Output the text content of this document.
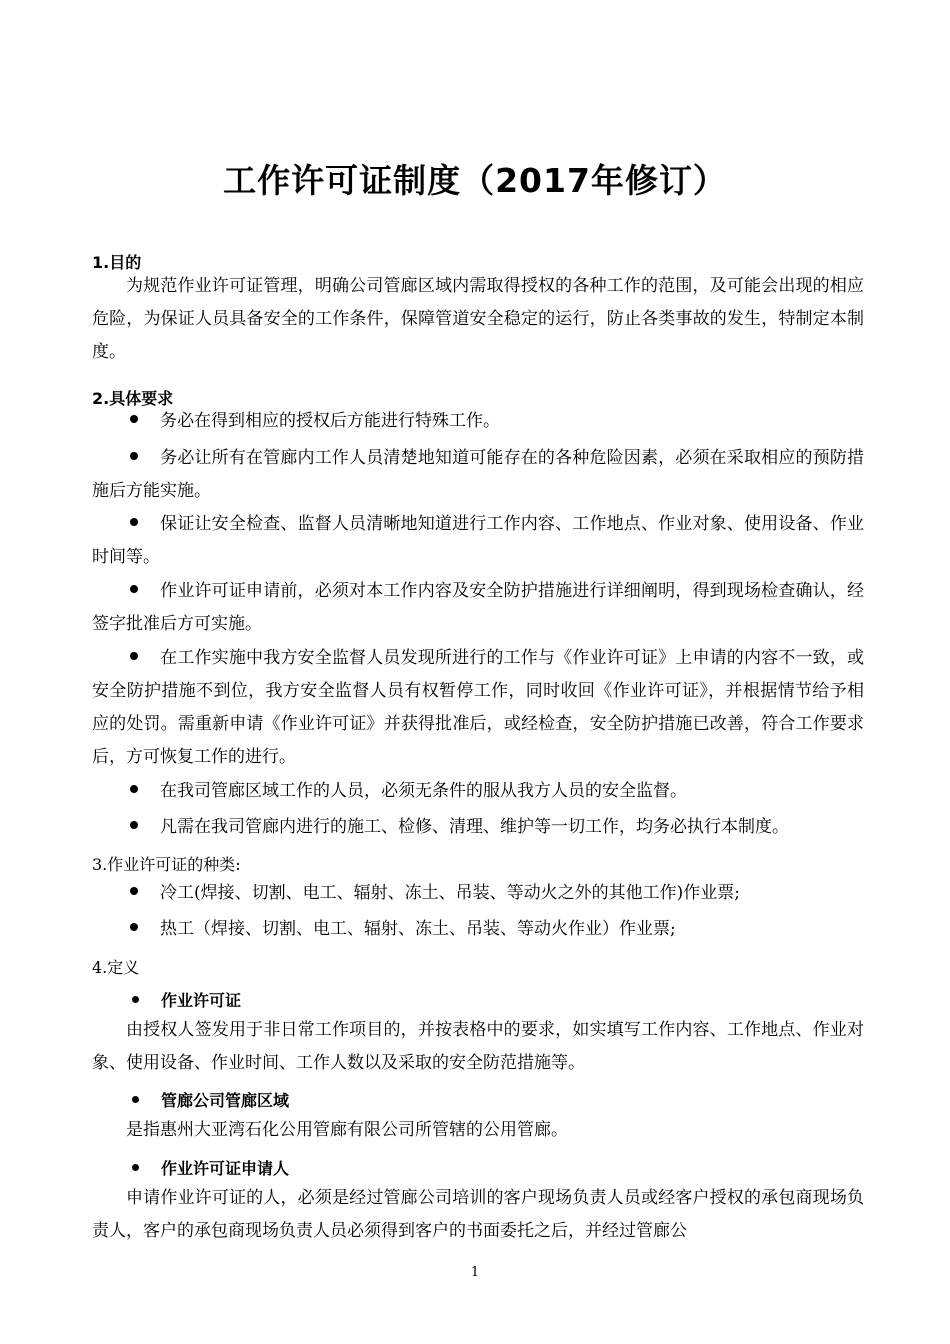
工作许可证制度（2017年修订）
1.目的
为规范作业许可证管理，明确公司管廊区域内需取得授权的各种工作的范围，及可能会出现的相应危险，为保证人员具备安全的工作条件，保障管道安全稳定的运行，防止各类事故的发生，特制定本制度。
2.具体要求
务必在得到相应的授权后方能进行特殊工作。
务必让所有在管廊内工作人员清楚地知道可能存在的各种危险因素，必须在采取相应的预防措施后方能实施。
保证让安全检查、监督人员清晰地知道进行工作内容、工作地点、作业对象、使用设备、作业时间等。
作业许可证申请前，必须对本工作内容及安全防护措施进行详细阐明，得到现场检查确认，经签字批准后方可实施。
在工作实施中我方安全监督人员发现所进行的工作与《作业许可证》上申请的内容不一致，或安全防护措施不到位，我方安全监督人员有权暂停工作，同时收回《作业许可证》，并根据情节给予相应的处罚。需重新申请《作业许可证》并获得批准后，或经检查，安全防护措施已改善，符合工作要求后，方可恢复工作的进行。
在我司管廊区域工作的人员，必须无条件的服从我方人员的安全监督。
凡需在我司管廊内进行的施工、检修、清理、维护等一切工作，均务必执行本制度。
3.作业许可证的种类:
冷工(焊接、切割、电工、辐射、冻土、吊装、等动火之外的其他工作)作业票;
热工（焊接、切割、电工、辐射、冻土、吊装、等动火作业）作业票;
4.定义
作业许可证
由授权人签发用于非日常工作项目的，并按表格中的要求，如实填写工作内容、工作地点、作业对象、使用设备、作业时间、工作人数以及采取的安全防范措施等。
管廊公司管廊区域
是指惠州大亚湾石化公用管廊有限公司所管辖的公用管廊。
作业许可证申请人
申请作业许可证的人，必须是经过管廊公司培训的客户现场负责人员或经客户授权的承包商现场负责人，客户的承包商现场负责人员必须得到客户的书面委托之后，并经过管廊公
1
